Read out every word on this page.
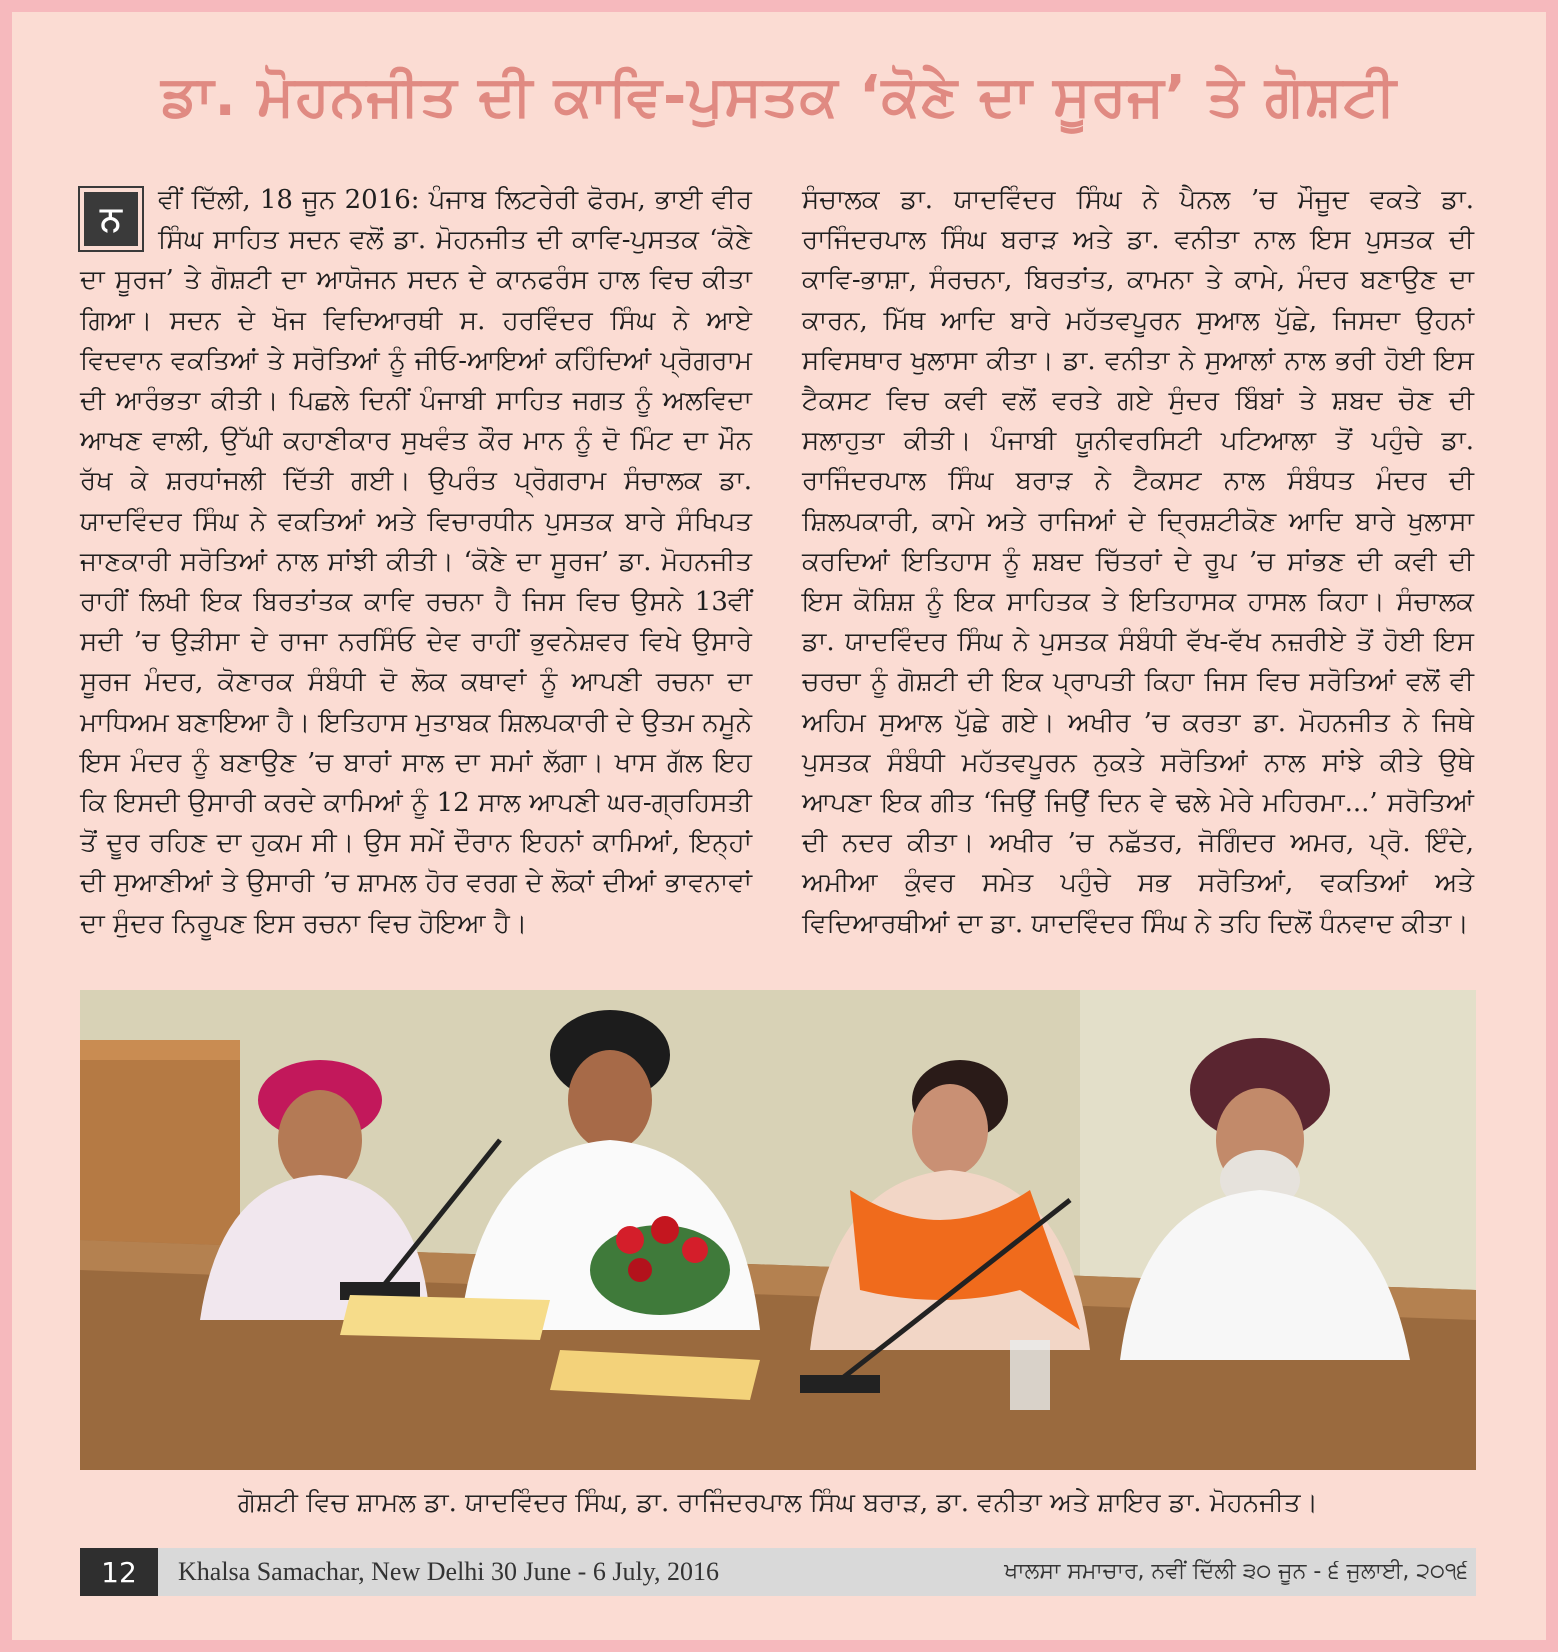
ਡਾ. ਮੋਹਨਜੀਤ ਦੀ ਕਾਵਿ-ਪੁਸਤਕ ‘ਕੋਣੇ ਦਾ ਸੂਰਜ’ ਤੇ ਗੋਸ਼ਟੀ
ਨ	ਵੀਂ ਦਿੱਲੀ, 18 ਜੂਨ 2016: ਪੰਜਾਬ ਲਿਟਰੇਰੀ ਫੋਰਮ, ਭਾਈ ਵੀਰ ਸਿੰਘ ਸਾਹਿਤ ਸਦਨ ਵਲੋਂ ਡਾ. ਮੋਹਨਜੀਤ ਦੀ ਕਾਵਿ-ਪੁਸਤਕ ‘ਕੋਣੇ ਦਾ ਸੂਰਜ’ ਤੇ ਗੋਸ਼ਟੀ ਦਾ ਆਯੋਜਨ ਸਦਨ ਦੇ ਕਾਨਫਰੰਸ ਹਾਲ ਵਿਚ ਕੀਤਾ ਗਿਆ। ਸਦਨ ਦੇ ਖੋਜ ਵਿਦਿਆਰਥੀ ਸ. ਹਰਵਿੰਦਰ ਸਿੰਘ ਨੇ ਆਏ ਵਿਦਵਾਨ ਵਕਤਿਆਂ ਤੇ ਸਰੋਤਿਆਂ ਨੂੰ ਜੀਓ-ਆਇਆਂ ਕਹਿੰਦਿਆਂ ਪ੍ਰੋਗਰਾਮ ਦੀ ਆਰੰਭਤਾ ਕੀਤੀ। ਪਿਛਲੇ ਦਿਨੀਂ ਪੰਜਾਬੀ ਸਾਹਿਤ ਜਗਤ ਨੂੰ ਅਲਵਿਦਾ ਆਖਣ ਵਾਲੀ, ਉੱਘੀ ਕਹਾਣੀਕਾਰ ਸੁਖਵੰਤ ਕੌਰ ਮਾਨ ਨੂੰ ਦੋ ਮਿੰਟ ਦਾ ਮੌਨ ਰੱਖ ਕੇ ਸ਼ਰਧਾਂਜਲੀ ਦਿੱਤੀ ਗਈ। ਉਪਰੰਤ ਪ੍ਰੋਗਰਾਮ ਸੰਚਾਲਕ ਡਾ. ਯਾਦਵਿੰਦਰ ਸਿੰਘ ਨੇ ਵਕਤਿਆਂ ਅਤੇ ਵਿਚਾਰਧੀਨ ਪੁਸਤਕ ਬਾਰੇ ਸੰਖਿਪਤ ਜਾਣਕਾਰੀ ਸਰੋਤਿਆਂ ਨਾਲ ਸਾਂਝੀ ਕੀਤੀ। ‘ਕੋਣੇ ਦਾ ਸੂਰਜ’ ਡਾ. ਮੋਹਨਜੀਤ ਰਾਹੀਂ ਲਿਖੀ ਇਕ ਬਿਰਤਾਂਤਕ ਕਾਵਿ ਰਚਨਾ ਹੈ ਜਿਸ ਵਿਚ ਉਸਨੇ 13ਵੀਂ ਸਦੀ ’ਚ ਉੜੀਸਾ ਦੇ ਰਾਜਾ ਨਰਸਿੰਓ ਦੇਵ ਰਾਹੀਂ ਭੁਵਨੇਸ਼ਵਰ ਵਿਖੇ ਉਸਾਰੇ ਸੂਰਜ ਮੰਦਰ, ਕੋਣਾਰਕ ਸੰਬੰਧੀ ਦੋ ਲੋਕ ਕਥਾਵਾਂ ਨੂੰ ਆਪਣੀ ਰਚਨਾ ਦਾ ਮਾਧਿਅਮ ਬਣਾਇਆ ਹੈ। ਇਤਿਹਾਸ ਮੁਤਾਬਕ ਸ਼ਿਲਪਕਾਰੀ ਦੇ ਉਤਮ ਨਮੂਨੇ ਇਸ ਮੰਦਰ ਨੂੰ ਬਣਾਉਣ ’ਚ ਬਾਰਾਂ ਸਾਲ ਦਾ ਸਮਾਂ ਲੱਗਾ। ਖਾਸ ਗੱਲ ਇਹ ਕਿ ਇਸਦੀ ਉਸਾਰੀ ਕਰਦੇ ਕਾਮਿਆਂ ਨੂੰ 12 ਸਾਲ ਆਪਣੀ ਘਰ-ਗ੍ਰਹਿਸਤੀ ਤੋਂ ਦੂਰ ਰਹਿਣ ਦਾ ਹੁਕਮ ਸੀ। ਉਸ ਸਮੇਂ ਦੌਰਾਨ ਇਹਨਾਂ ਕਾਮਿਆਂ, ਇਨ੍ਹਾਂ ਦੀ ਸੁਆਣੀਆਂ ਤੇ ਉਸਾਰੀ ’ਚ ਸ਼ਾਮਲ ਹੋਰ ਵਰਗ ਦੇ ਲੋਕਾਂ ਦੀਆਂ ਭਾਵਨਾਵਾਂ ਦਾ ਸੁੰਦਰ ਨਿਰੂਪਣ ਇਸ ਰਚਨਾ ਵਿਚ ਹੋਇਆ ਹੈ।
ਸੰਚਾਲਕ ਡਾ. ਯਾਦਵਿੰਦਰ ਸਿੰਘ ਨੇ ਪੈਨਲ ’ਚ ਮੌਜੂਦ ਵਕਤੇ ਡਾ. ਰਾਜਿੰਦਰਪਾਲ ਸਿੰਘ ਬਰਾੜ ਅਤੇ ਡਾ. ਵਨੀਤਾ ਨਾਲ ਇਸ ਪੁਸਤਕ ਦੀ ਕਾਵਿ-ਭਾਸ਼ਾ, ਸੰਰਚਨਾ, ਬਿਰਤਾਂਤ, ਕਾਮਨਾ ਤੇ ਕਾਮੇ, ਮੰਦਰ ਬਣਾਉਣ ਦਾ ਕਾਰਨ, ਮਿੱਥ ਆਦਿ ਬਾਰੇ ਮਹੱਤਵਪੂਰਨ ਸੁਆਲ ਪੁੱਛੇ, ਜਿਸਦਾ ਉਹਨਾਂ ਸਵਿਸਥਾਰ ਖੁਲਾਸਾ ਕੀਤਾ। ਡਾ. ਵਨੀਤਾ ਨੇ ਸੁਆਲਾਂ ਨਾਲ ਭਰੀ ਹੋਈ ਇਸ ਟੈਕਸਟ ਵਿਚ ਕਵੀ ਵਲੋਂ ਵਰਤੇ ਗਏ ਸੁੰਦਰ ਬਿੰਬਾਂ ਤੇ ਸ਼ਬਦ ਚੋਣ ਦੀ ਸਲਾਹੁਤਾ ਕੀਤੀ। ਪੰਜਾਬੀ ਯੂਨੀਵਰਸਿਟੀ ਪਟਿਆਲਾ ਤੋਂ ਪਹੁੰਚੇ ਡਾ. ਰਾਜਿੰਦਰਪਾਲ ਸਿੰਘ ਬਰਾੜ ਨੇ ਟੈਕਸਟ ਨਾਲ ਸੰਬੰਧਤ ਮੰਦਰ ਦੀ ਸ਼ਿਲਪਕਾਰੀ, ਕਾਮੇ ਅਤੇ ਰਾਜਿਆਂ ਦੇ ਦ੍ਰਿਸ਼ਟੀਕੋਣ ਆਦਿ ਬਾਰੇ ਖੁਲਾਸਾ ਕਰਦਿਆਂ ਇਤਿਹਾਸ ਨੂੰ ਸ਼ਬਦ ਚਿੱਤਰਾਂ ਦੇ ਰੂਪ ’ਚ ਸਾਂਭਣ ਦੀ ਕਵੀ ਦੀ ਇਸ ਕੋਸ਼ਿਸ਼ ਨੂੰ ਇਕ ਸਾਹਿਤਕ ਤੇ ਇਤਿਹਾਸਕ ਹਾਸਲ ਕਿਹਾ। ਸੰਚਾਲਕ ਡਾ. ਯਾਦਵਿੰਦਰ ਸਿੰਘ ਨੇ ਪੁਸਤਕ ਸੰਬੰਧੀ ਵੱਖ-ਵੱਖ ਨਜ਼ਰੀਏ ਤੋਂ ਹੋਈ ਇਸ ਚਰਚਾ ਨੂੰ ਗੋਸ਼ਟੀ ਦੀ ਇਕ ਪ੍ਰਾਪਤੀ ਕਿਹਾ ਜਿਸ ਵਿਚ ਸਰੋਤਿਆਂ ਵਲੋਂ ਵੀ ਅਹਿਮ ਸੁਆਲ ਪੁੱਛੇ ਗਏ। ਅਖੀਰ ’ਚ ਕਰਤਾ ਡਾ. ਮੋਹਨਜੀਤ ਨੇ ਜਿਥੇ ਪੁਸਤਕ ਸੰਬੰਧੀ ਮਹੱਤਵਪੂਰਨ ਨੁਕਤੇ ਸਰੋਤਿਆਂ ਨਾਲ ਸਾਂਝੇ ਕੀਤੇ ਉਥੇ ਆਪਣਾ ਇਕ ਗੀਤ ‘ਜਿਉਂ ਜਿਉਂ ਦਿਨ ਵੇ ਢਲੇ ਮੇਰੇ ਮਹਿਰਮਾ...’ ਸਰੋਤਿਆਂ ਦੀ ਨਦਰ ਕੀਤਾ। ਅਖੀਰ ’ਚ ਨਛੱਤਰ, ਜੋਗਿੰਦਰ ਅਮਰ, ਪ੍ਰੋ. ਇੰਦੇ, ਅਮੀਆ ਕੁੰਵਰ ਸਮੇਤ ਪਹੁੰਚੇ ਸਭ ਸਰੋਤਿਆਂ, ਵਕਤਿਆਂ ਅਤੇ ਵਿਦਿਆਰਥੀਆਂ ਦਾ ਡਾ. ਯਾਦਵਿੰਦਰ ਸਿੰਘ ਨੇ ਤਹਿ ਦਿਲੋਂ ਧੰਨਵਾਦ ਕੀਤਾ।
ਗੋਸ਼ਟੀ ਵਿਚ ਸ਼ਾਮਲ ਡਾ. ਯਾਦਵਿੰਦਰ ਸਿੰਘ, ਡਾ. ਰਾਜਿੰਦਰਪਾਲ ਸਿੰਘ ਬਰਾੜ, ਡਾ. ਵਨੀਤਾ ਅਤੇ ਸ਼ਾਇਰ ਡਾ. ਮੋਹਨਜੀਤ।
12	Khalsa Samachar, New Delhi 30 June - 6 July, 2016	ਖਾਲਸਾ ਸਮਾਚਾਰ, ਨਵੀਂ ਦਿੱਲੀ ੩੦ ਜੂਨ - ੬ ਜੁਲਾਈ, ੨੦੧੬
